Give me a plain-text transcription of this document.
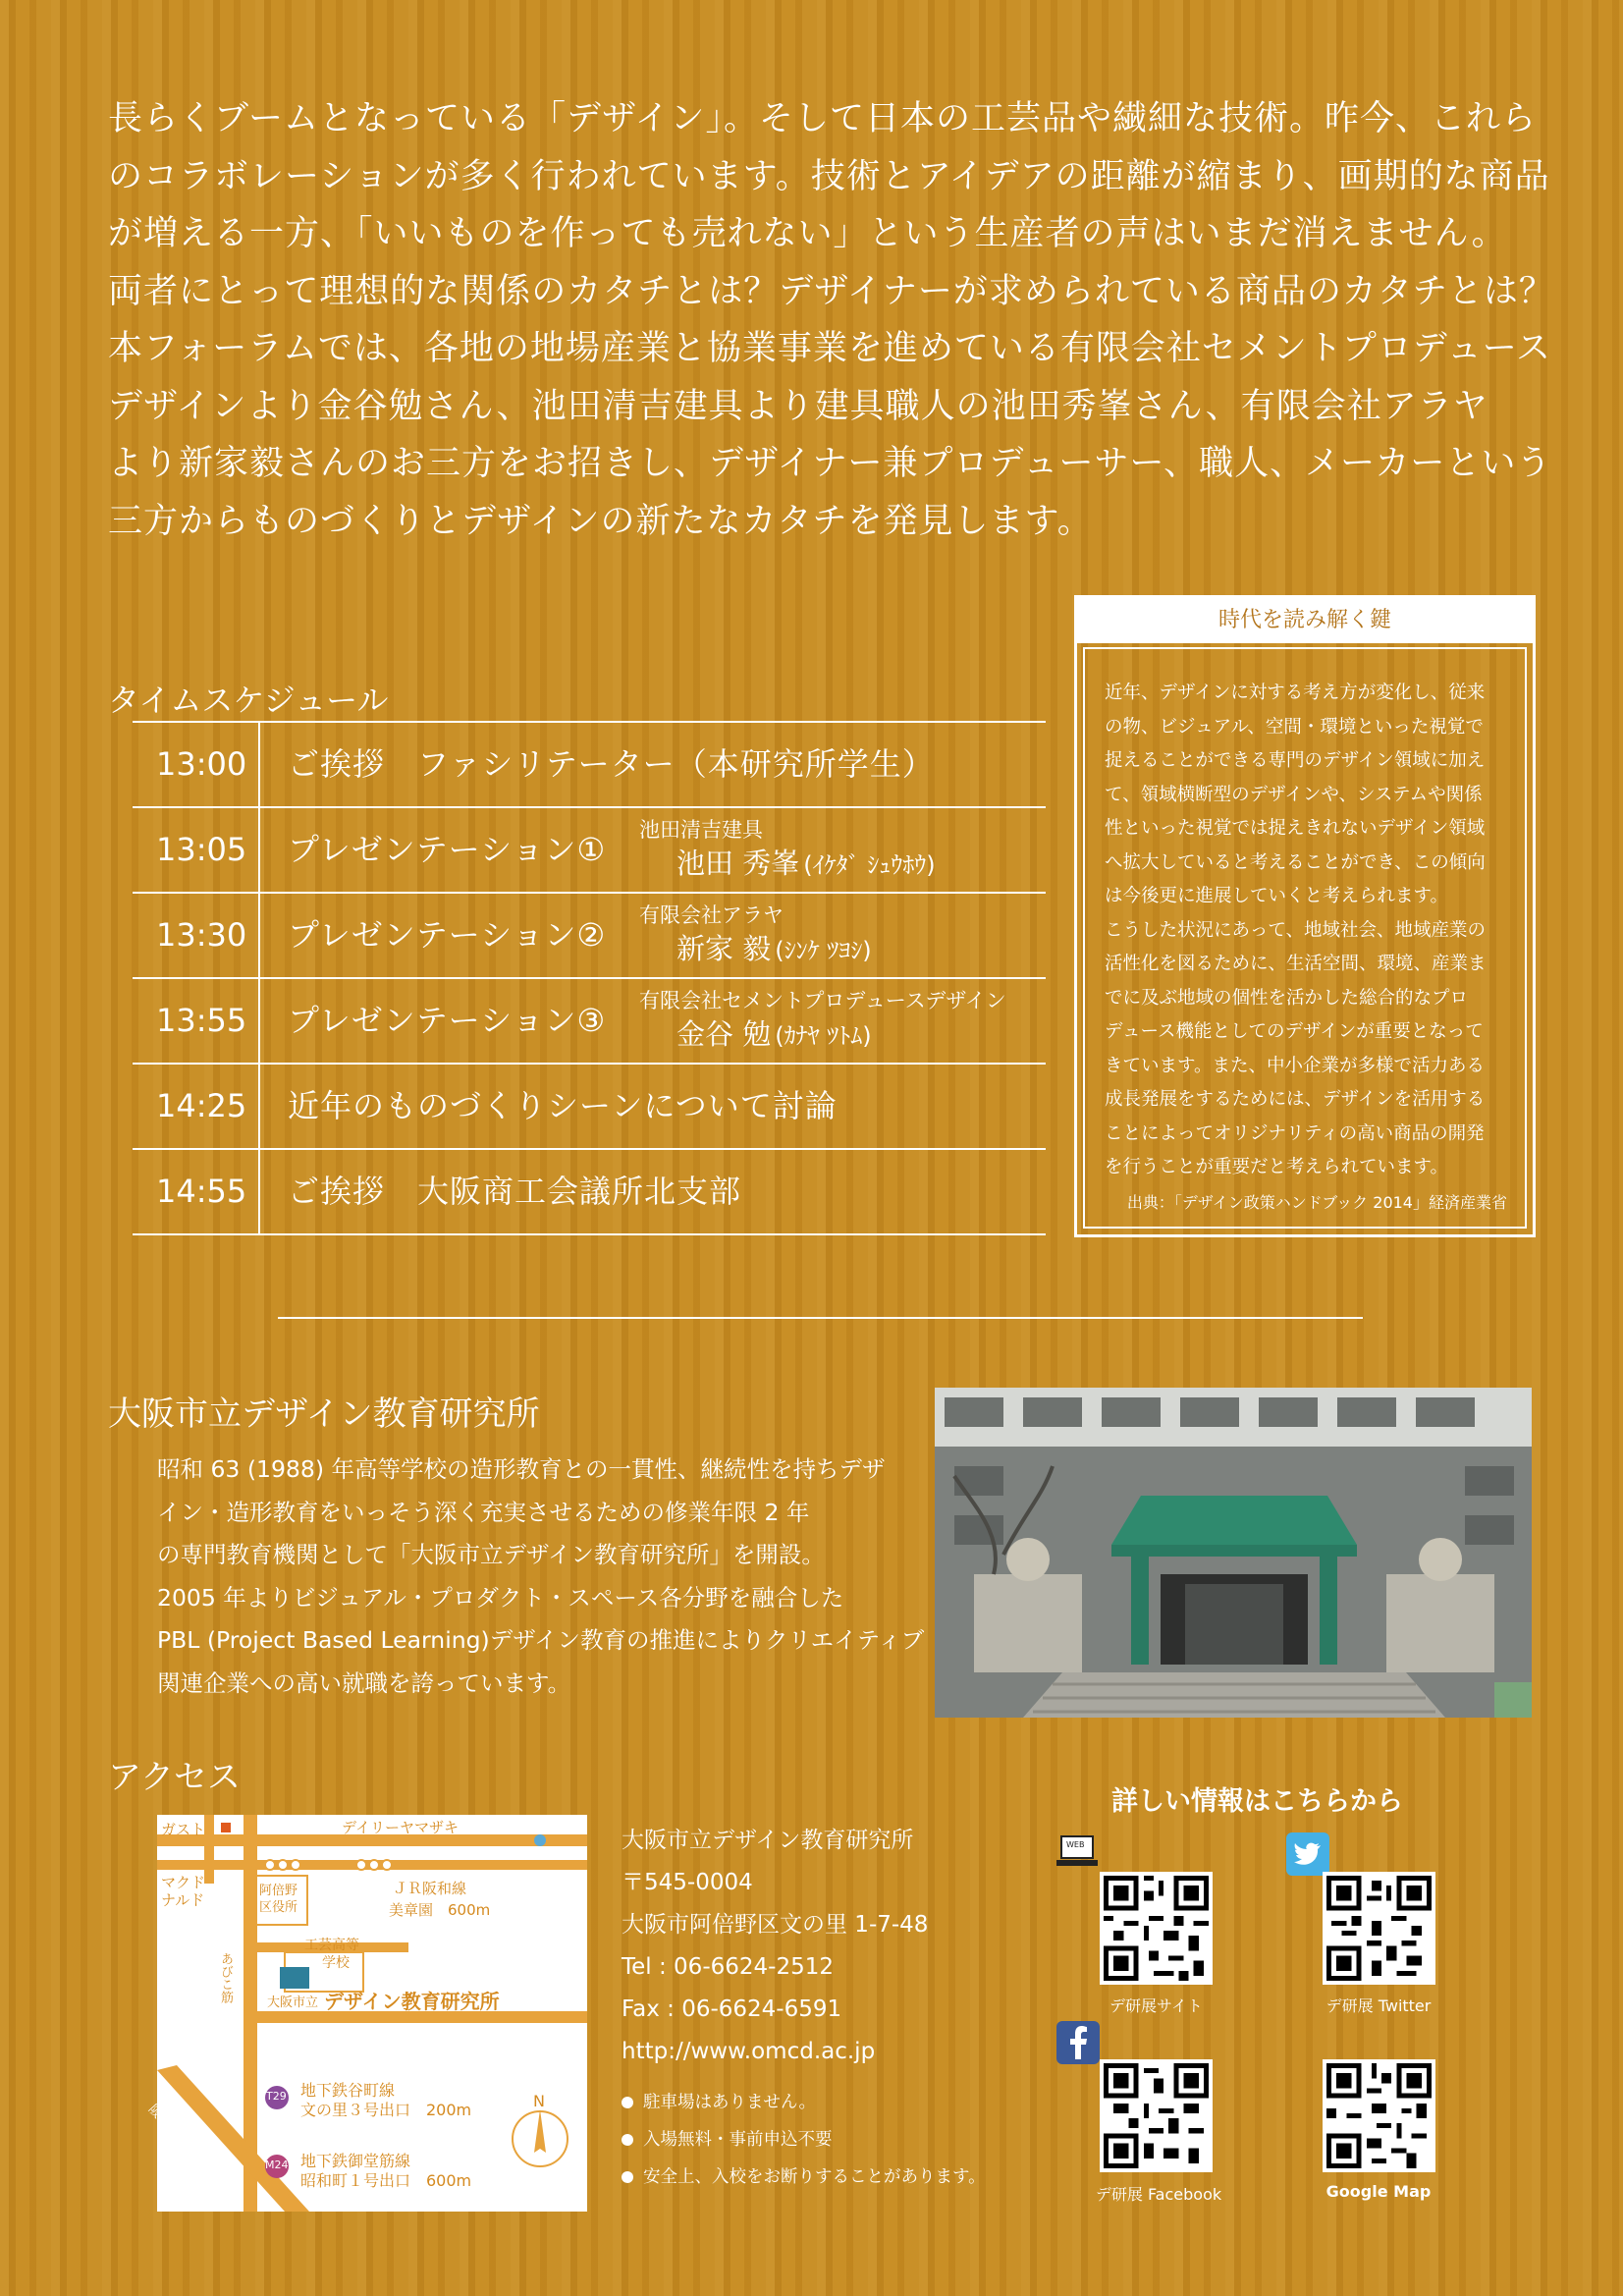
長らくブームとなっている「デザイン」。そして日本の工芸品や繊細な技術。昨今、これら
のコラボレーションが多く行われています。技術とアイデアの距離が縮まり、画期的な商品
が増える一方、「いいものを作っても売れない」という生産者の声はいまだ消えません。
両者にとって理想的な関係のカタチとは？デザイナーが求められている商品のカタチとは？
本フォーラムでは、各地の地場産業と協業事業を進めている有限会社セメントプロデュース
デザインより金谷勉さん、池田清吉建具より建具職人の池田秀峯さん、有限会社アラヤ
より新家毅さんのお三方をお招きし、デザイナー兼プロデューサー、職人、メーカーという
三方からものづくりとデザインの新たなカタチを発見します。
タイムスケジュール
13:00 ご挨拶　ファシリテーター（本研究所学生）
13:05 プレゼンテーション①
池田清吉建具
池田 秀峯 (ｲｹﾀﾞ ｼｭｳﾎｳ)
13:30 プレゼンテーション②
有限会社アラヤ
新家 毅 (ｼﾝｹ ﾂﾖｼ)
13:55 プレゼンテーション③
有限会社セメントプロデュースデザイン
金谷 勉 (ｶﾅﾔ ﾂﾄﾑ)
14:25 近年のものづくりシーンについて討論
14:55 ご挨拶　大阪商工会議所北支部
時代を読み解く鍵
近年、デザインに対する考え方が変化し、従来
の物、ビジュアル、空間・環境といった視覚で
捉えることができる専門のデザイン領域に加え
て、領域横断型のデザインや、システムや関係
性といった視覚では捉えきれないデザイン領域
へ拡大していると考えることができ、この傾向
は今後更に進展していくと考えられます。
こうした状況にあって、地域社会、地域産業の
活性化を図るために、生活空間、環境、産業ま
でに及ぶ地域の個性を活かした総合的なプロ
デュース機能としてのデザインが重要となって
きています。また、中小企業が多様で活力ある
成長発展をするためには、デザインを活用する
ことによってオリジナリティの高い商品の開発
を行うことが重要だと考えられています。
出典：「デザイン政策ハンドブック 2014」経済産業省
大阪市立デザイン教育研究所
昭和 63 (1988) 年高等学校の造形教育との一貫性、継続性を持ちデザ
イン・造形教育をいっそう深く充実させるための修業年限 2 年
の専門教育機関として「大阪市立デザイン教育研究所」を開設。
2005 年よりビジュアル・プロダクト・スペース各分野を融合した
PBL (Project Based Learning)デザイン教育の推進によりクリエイティブ
関連企業への高い就職を誇っています。
アクセス
ガスト	デイリーヤマザキ
マクド
ナルド
阿倍野
区役所
ＪＲ阪和線
美章園　600m
工芸高等
学校
あびこ筋	大阪市立 デザイン教育研究所
阪堺電軌
T29 地下鉄谷町線
文の里３号出口　200m
M24 地下鉄御堂筋線
昭和町１号出口　600m
N
大阪市立デザイン教育研究所
〒545-0004
大阪市阿倍野区文の里 1-7-48
Tel : 06-6624-2512
Fax : 06-6624-6591
http://www.omcd.ac.jp
駐車場はありません。
入場無料・事前申込不要
安全上、入校をお断りすることがあります。
詳しい情報はこちらから
WEB
デ研展サイト	デ研展 Twitter
デ研展 Facebook	Google Map
